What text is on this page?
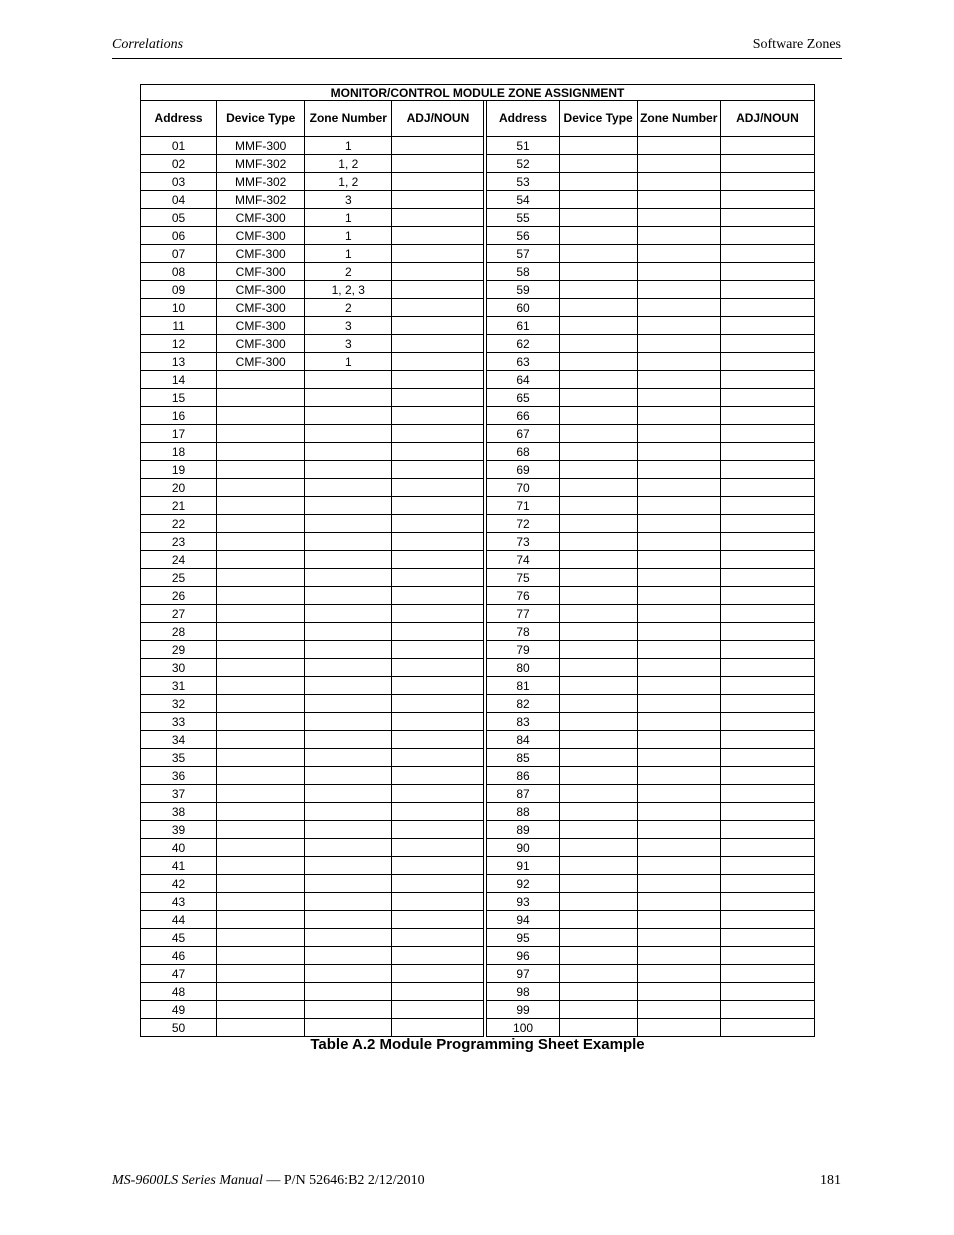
Correlations	Software Zones
MONITOR/CONTROL MODULE ZONE ASSIGNMENT								
Address	Device Type	Zone Number	ADJ/NOUN		Address	Device Type	Zone Number	ADJ/NOUN
01	MMF-300	1			51			
02	MMF-302	1, 2			52			
03	MMF-302	1, 2			53			
04	MMF-302	3			54			
05	CMF-300	1			55			
06	CMF-300	1			56			
07	CMF-300	1			57			
08	CMF-300	2			58			
09	CMF-300	1, 2, 3			59			
10	CMF-300	2			60			
11	CMF-300	3			61			
12	CMF-300	3			62			
13	CMF-300	1			63			
14					64			
15					65			
16					66			
17					67			
18					68			
19					69			
20					70			
21					71			
22					72			
23					73			
24					74			
25					75			
26					76			
27					77			
28					78			
29					79			
30					80			
31					81			
32					82			
33					83			
34					84			
35					85			
36					86			
37					87			
38					88			
39					89			
40					90			
41					91			
42					92			
43					93			
44					94			
45					95			
46					96			
47					97			
48					98			
49					99			
50					100			
Table A.2 Module Programming Sheet Example
MS-9600LS Series Manual — P/N 52646:B2 2/12/2010	181
